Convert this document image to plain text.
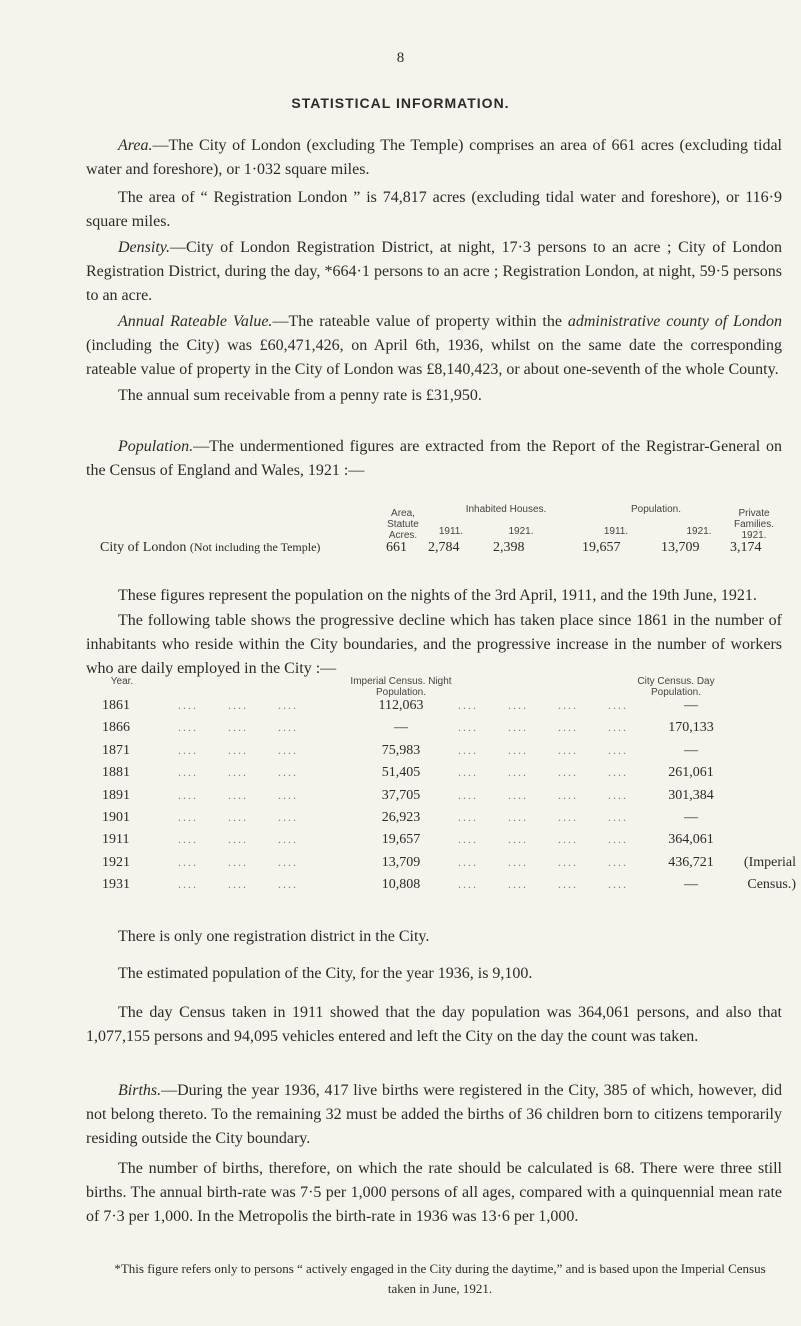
8
STATISTICAL INFORMATION.
Area.—The City of London (excluding The Temple) comprises an area of 661 acres (excluding tidal water and foreshore), or 1·032 square miles.
The area of “ Registration London ” is 74,817 acres (excluding tidal water and foreshore), or 116·9 square miles.
Density.—City of London Registration District, at night, 17·3 persons to an acre ; City of London Registration District, during the day, *664·1 persons to an acre ; Registration London, at night, 59·5 persons to an acre.
Annual Rateable Value.—The rateable value of property within the administrative county of London (including the City) was £60,471,426, on April 6th, 1936, whilst on the same date the corresponding rateable value of property in the City of London was £8,140,423, or about one-seventh of the whole County.
The annual sum receivable from a penny rate is £31,950.
Population.—The undermentioned figures are extracted from the Report of the Registrar-General on the Census of England and Wales, 1921 :—
Area, Statute Acres.
Inhabited Houses.
1911.	1921.
Population.
1911.	1921.
Private Families. 1921.
City of London (Not including the Temple)	661 2,784 2,398	19,657	13,709 3,174
These figures represent the population on the nights of the 3rd April, 1911, and the 19th June, 1921.
The following table shows the progressive decline which has taken place since 1861 in the number of inhabitants who reside within the City boundaries, and the progressive increase in the number of workers who are daily employed in the City :—
Year.	Imperial Census. Night Population.
City Census. Day Population.
1861	....	....	....	112,063	....	....	....	....	—
1866	....	....	....	—	....	....	....	....	170,133
1871	....	....	....	75,983	....	....	....	....	—
1881	....	....	....	51,405	....	....	....	....	261,061
1891	....	....	....	37,705	....	....	....	....	301,384
1901	....	....	....	26,923	....	....	....	....	—
1911	....	....	....	19,657	....	....	....	....	364,061
1921	....	....	....	13,709	....	....	....	....	436,721	(Imperial
1931	....	....	....	10,808	....	....	....	....	—	Census.)
There is only one registration district in the City.
The estimated population of the City, for the year 1936, is 9,100.
The day Census taken in 1911 showed that the day population was 364,061 persons, and also that 1,077,155 persons and 94,095 vehicles entered and left the City on the day the count was taken.
Births.—During the year 1936, 417 live births were registered in the City, 385 of which, however, did not belong thereto. To the remaining 32 must be added the births of 36 children born to citizens temporarily residing outside the City boundary.
The number of births, therefore, on which the rate should be calculated is 68. There were three still births. The annual birth-rate was 7·5 per 1,000 persons of all ages, compared with a quinquennial mean rate of 7·3 per 1,000. In the Metropolis the birth-rate in 1936 was 13·6 per 1,000.
*This figure refers only to persons “ actively engaged in the City during the daytime,” and is based upon the Imperial Census taken in June, 1921.
